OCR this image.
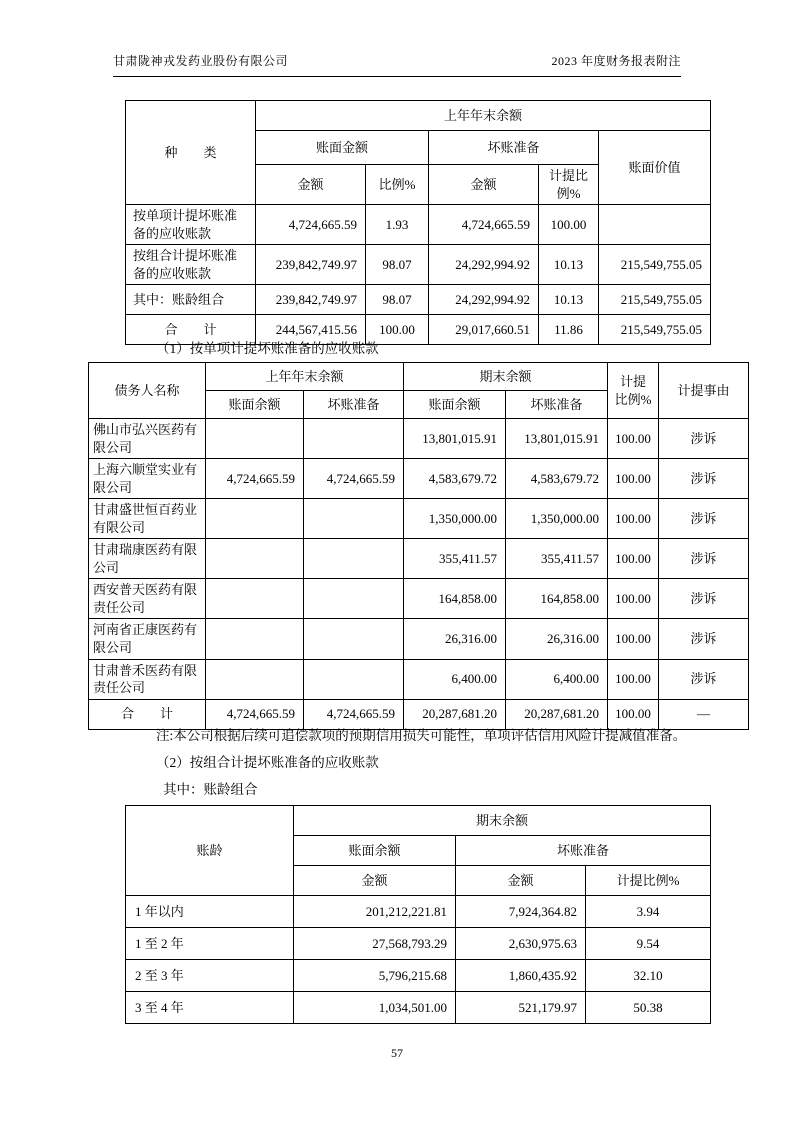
甘肃陇神戎发药业股份有限公司	2023 年度财务报表附注
种　　类	上年年末余额				
	账面金额		坏账准备		账面价值
	金额	比例%	金额	计提比例%	
按单项计提坏账准备的应收账款	4,724,665.59	1.93	4,724,665.59	100.00	
按组合计提坏账准备的应收账款	239,842,749.97	98.07	24,292,994.92	10.13	215,549,755.05
其中：账龄组合	239,842,749.97	98.07	24,292,994.92	10.13	215,549,755.05
合　　计	244,567,415.56	100.00	29,017,660.51	11.86	215,549,755.05
（1）按单项计提坏账准备的应收账款
债务人名称	上年年末余额		期末余额		计提比例%	计提事由
	账面余额	坏账准备	账面余额	坏账准备		
佛山市弘兴医药有限公司			13,801,015.91	13,801,015.91	100.00	涉诉
上海六顺堂实业有限公司	4,724,665.59	4,724,665.59	4,583,679.72	4,583,679.72	100.00	涉诉
甘肃盛世恒百药业有限公司			1,350,000.00	1,350,000.00	100.00	涉诉
甘肃瑞康医药有限公司			355,411.57	355,411.57	100.00	涉诉
西安普天医药有限责任公司			164,858.00	164,858.00	100.00	涉诉
河南省正康医药有限公司			26,316.00	26,316.00	100.00	涉诉
甘肃普禾医药有限责任公司			6,400.00	6,400.00	100.00	涉诉
合　　计	4,724,665.59	4,724,665.59	20,287,681.20	20,287,681.20	100.00	—
注:本公司根据后续可追偿款项的预期信用损失可能性，单项评估信用风险计提减值准备。
（2）按组合计提坏账准备的应收账款
其中：账龄组合
账龄	期末余额		
	账面余额	坏账准备	
	金额	金额	计提比例%
1 年以内	201,212,221.81	7,924,364.82	3.94
1 至 2 年	27,568,793.29	2,630,975.63	9.54
2 至 3 年	5,796,215.68	1,860,435.92	32.10
3 至 4 年	1,034,501.00	521,179.97	50.38
57
